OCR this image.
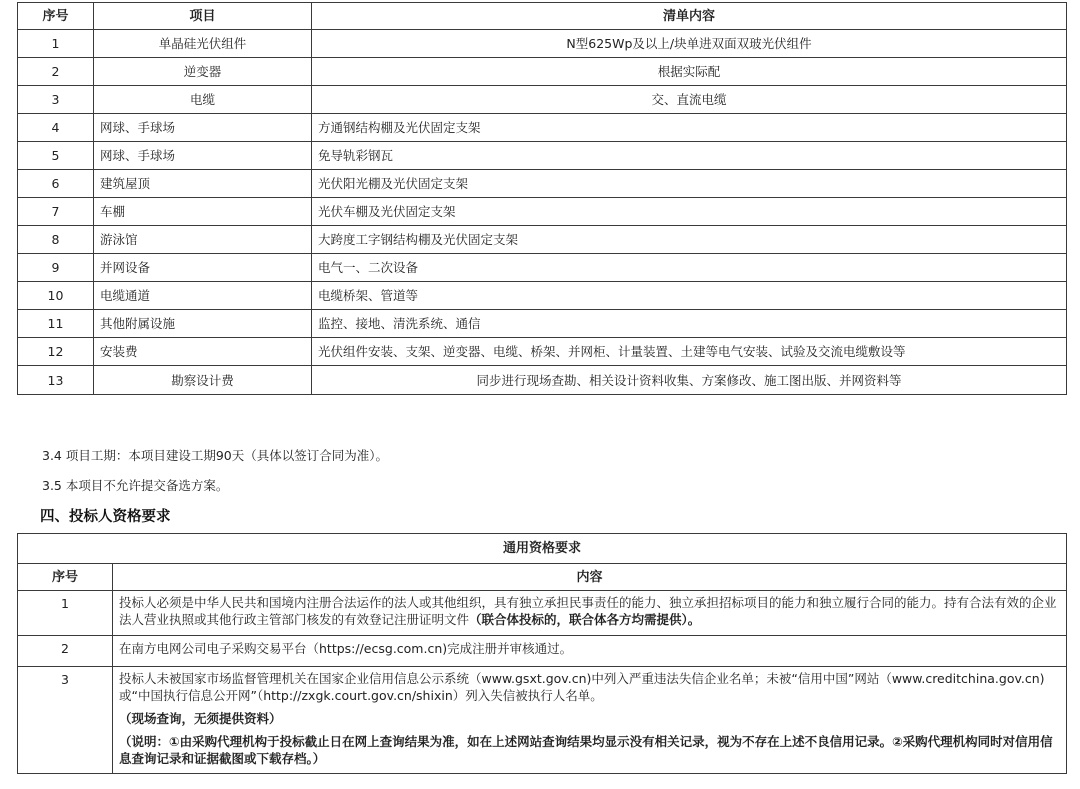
序号	项目	清单内容
1	单晶硅光伏组件	N型625Wp及以上/块单进双面双玻光伏组件
2	逆变器	根据实际配
3	电缆	交、直流电缆
4	网球、手球场	方通钢结构棚及光伏固定支架
5	网球、手球场	免导轨彩钢瓦
6	建筑屋顶	光伏阳光棚及光伏固定支架
7	车棚	光伏车棚及光伏固定支架
8	游泳馆	大跨度工字钢结构棚及光伏固定支架
9	并网设备	电气一、二次设备
10	电缆通道	电缆桥架、管道等
11	其他附属设施	监控、接地、清洗系统、通信
12	安装费	光伏组件安装、支架、逆变器、电缆、桥架、并网柜、计量装置、土建等电气安装、试验及交流电缆敷设等
13	勘察设计费	同步进行现场查勘、相关设计资料收集、方案修改、施工图出版、并网资料等
3.4 项目工期：本项目建设工期90天（具体以签订合同为准）。
3.5 本项目不允许提交备选方案。
四、投标人资格要求
通用资格要求	
序号	内容
1	投标人必须是中华人民共和国境内注册合法运作的法人或其他组织，具有独立承担民事责任的能力、独立承担招标项目的能力和独立履行合同的能力。持有合法有效的企业法人营业执照或其他行政主管部门核发的有效登记注册证明文件（联合体投标的，联合体各方均需提供）。
2	在南方电网公司电子采购交易平台（https://ecsg.com.cn)完成注册并审核通过。
3	投标人未被国家市场监督管理机关在国家企业信用信息公示系统（www.gsxt.gov.cn)中列入严重违法失信企业名单；未被“信用中国”网站（www.creditchina.gov.cn)或“中国执行信息公开网”（http://zxgk.court.gov.cn/shixin）列入失信被执行人名单。
（现场查询，无须提供资料）
（说明：①由采购代理机构于投标截止日在网上查询结果为准，如在上述网站查询结果均显示没有相关记录，视为不存在上述不良信用记录。②采购代理机构同时对信用信息查询记录和证据截图或下载存档。）
